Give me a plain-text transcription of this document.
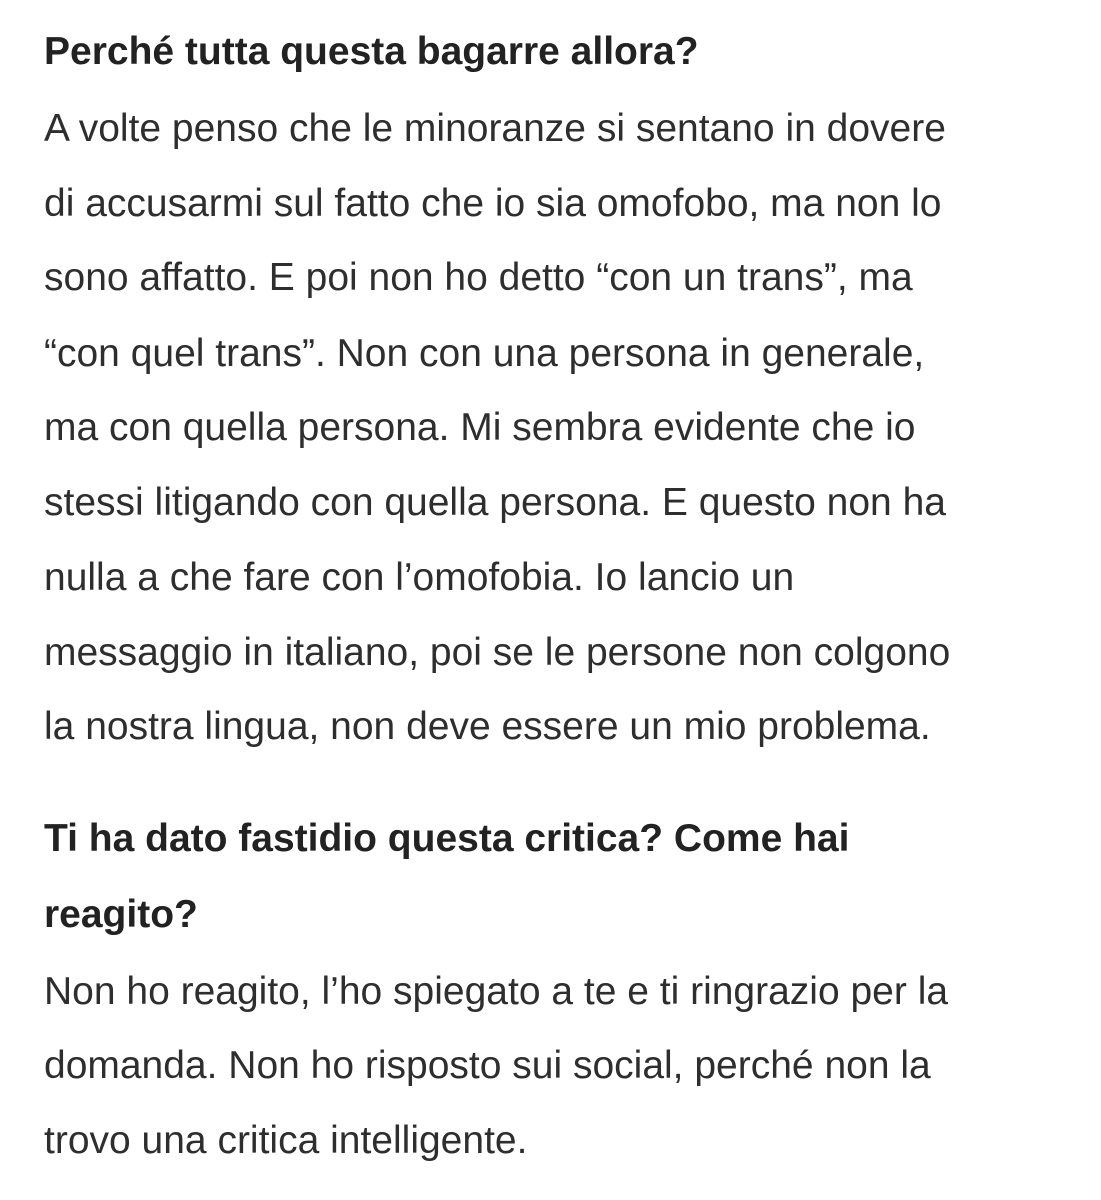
Perché tutta questa bagarre allora?
A volte penso che le minoranze si sentano in dovere
di accusarmi sul fatto che io sia omofobo, ma non lo
sono affatto. E poi non ho detto “con un trans”, ma
“con quel trans”. Non con una persona in generale,
ma con quella persona. Mi sembra evidente che io
stessi litigando con quella persona. E questo non ha
nulla a che fare con l’omofobia. Io lancio un
messaggio in italiano, poi se le persone non colgono
la nostra lingua, non deve essere un mio problema.
Ti ha dato fastidio questa critica? Come hai
reagito?
Non ho reagito, l’ho spiegato a te e ti ringrazio per la
domanda. Non ho risposto sui social, perché non la
trovo una critica intelligente.
